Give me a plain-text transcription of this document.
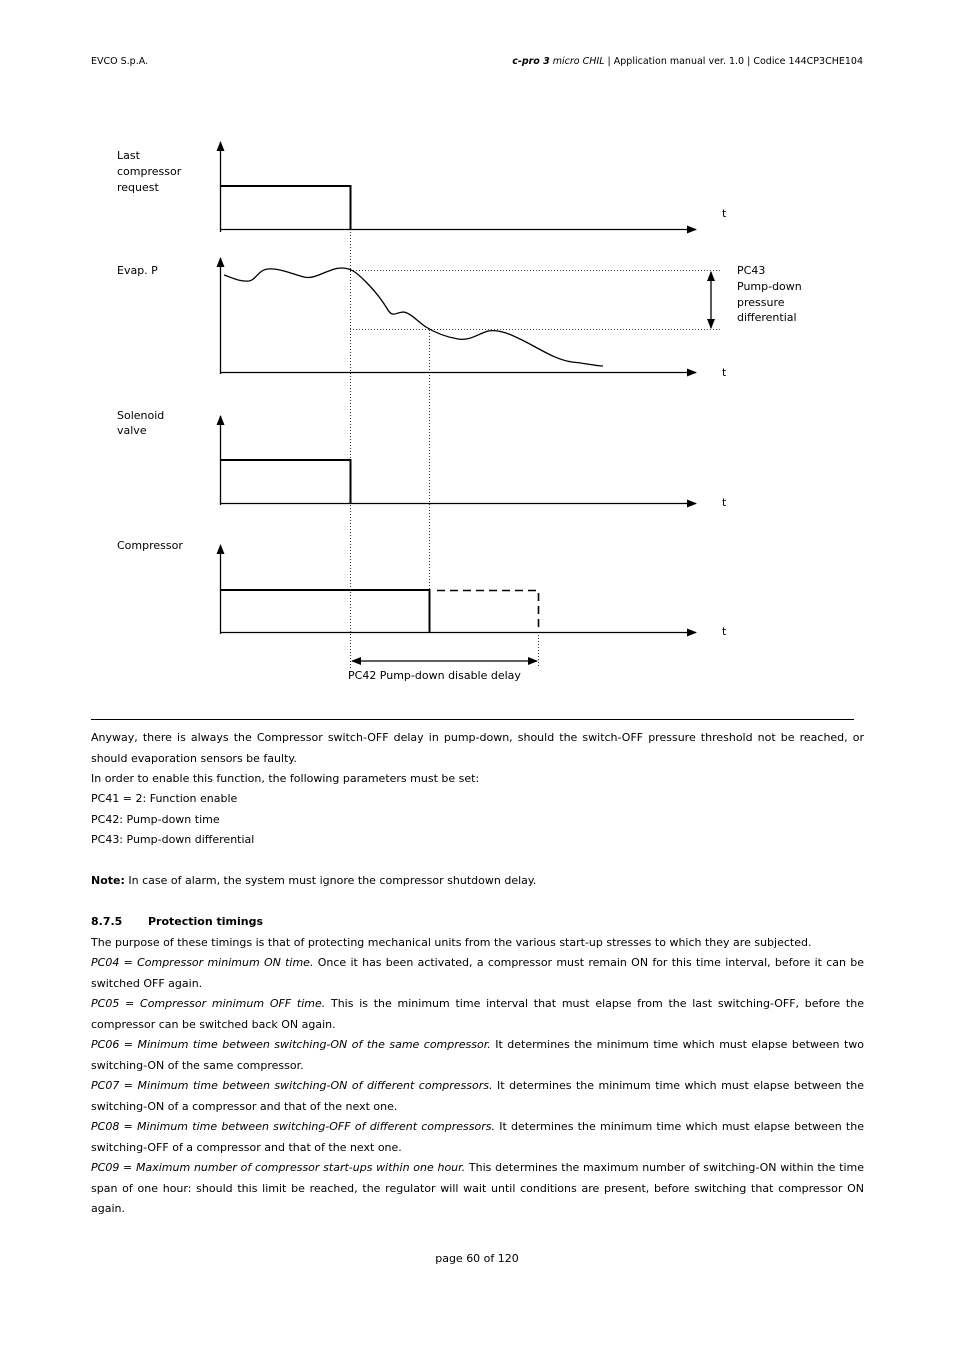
EVCO S.p.A.	c-pro 3 micro CHIL | Application manual ver. 1.0 | Codice 144CP3CHE104
Last
compressor
request
t
Evap. P	PC43
Pump-down
pressure
differential
t
Solenoid
valve
t
Compressor
t
PC42 Pump-down disable delay
Anyway, there is always the Compressor switch-OFF delay in pump-down, should the switch-OFF pressure threshold not be reached, or should evaporation sensors be faulty.
In order to enable this function, the following parameters must be set:
PC41 = 2: Function enable
PC42: Pump-down time
PC43: Pump-down differential
Note: In case of alarm, the system must ignore the compressor shutdown delay.
8.7.5 Protection timings
The purpose of these timings is that of protecting mechanical units from the various start-up stresses to which they are subjected.
PC04 = Compressor minimum ON time. Once it has been activated, a compressor must remain ON for this time interval, before it can be switched OFF again.
PC05 = Compressor minimum OFF time. This is the minimum time interval that must elapse from the last switching-OFF, before the compressor can be switched back ON again.
PC06 = Minimum time between switching-ON of the same compressor. It determines the minimum time which must elapse between two switching-ON of the same compressor.
PC07 = Minimum time between switching-ON of different compressors. It determines the minimum time which must elapse between the switching-ON of a compressor and that of the next one.
PC08 = Minimum time between switching-OFF of different compressors. It determines the minimum time which must elapse between the switching-OFF of a compressor and that of the next one.
PC09 = Maximum number of compressor start-ups within one hour. This determines the maximum number of switching-ON within the time span of one hour: should this limit be reached, the regulator will wait until conditions are present, before switching that compressor ON again.
page 60 of 120
